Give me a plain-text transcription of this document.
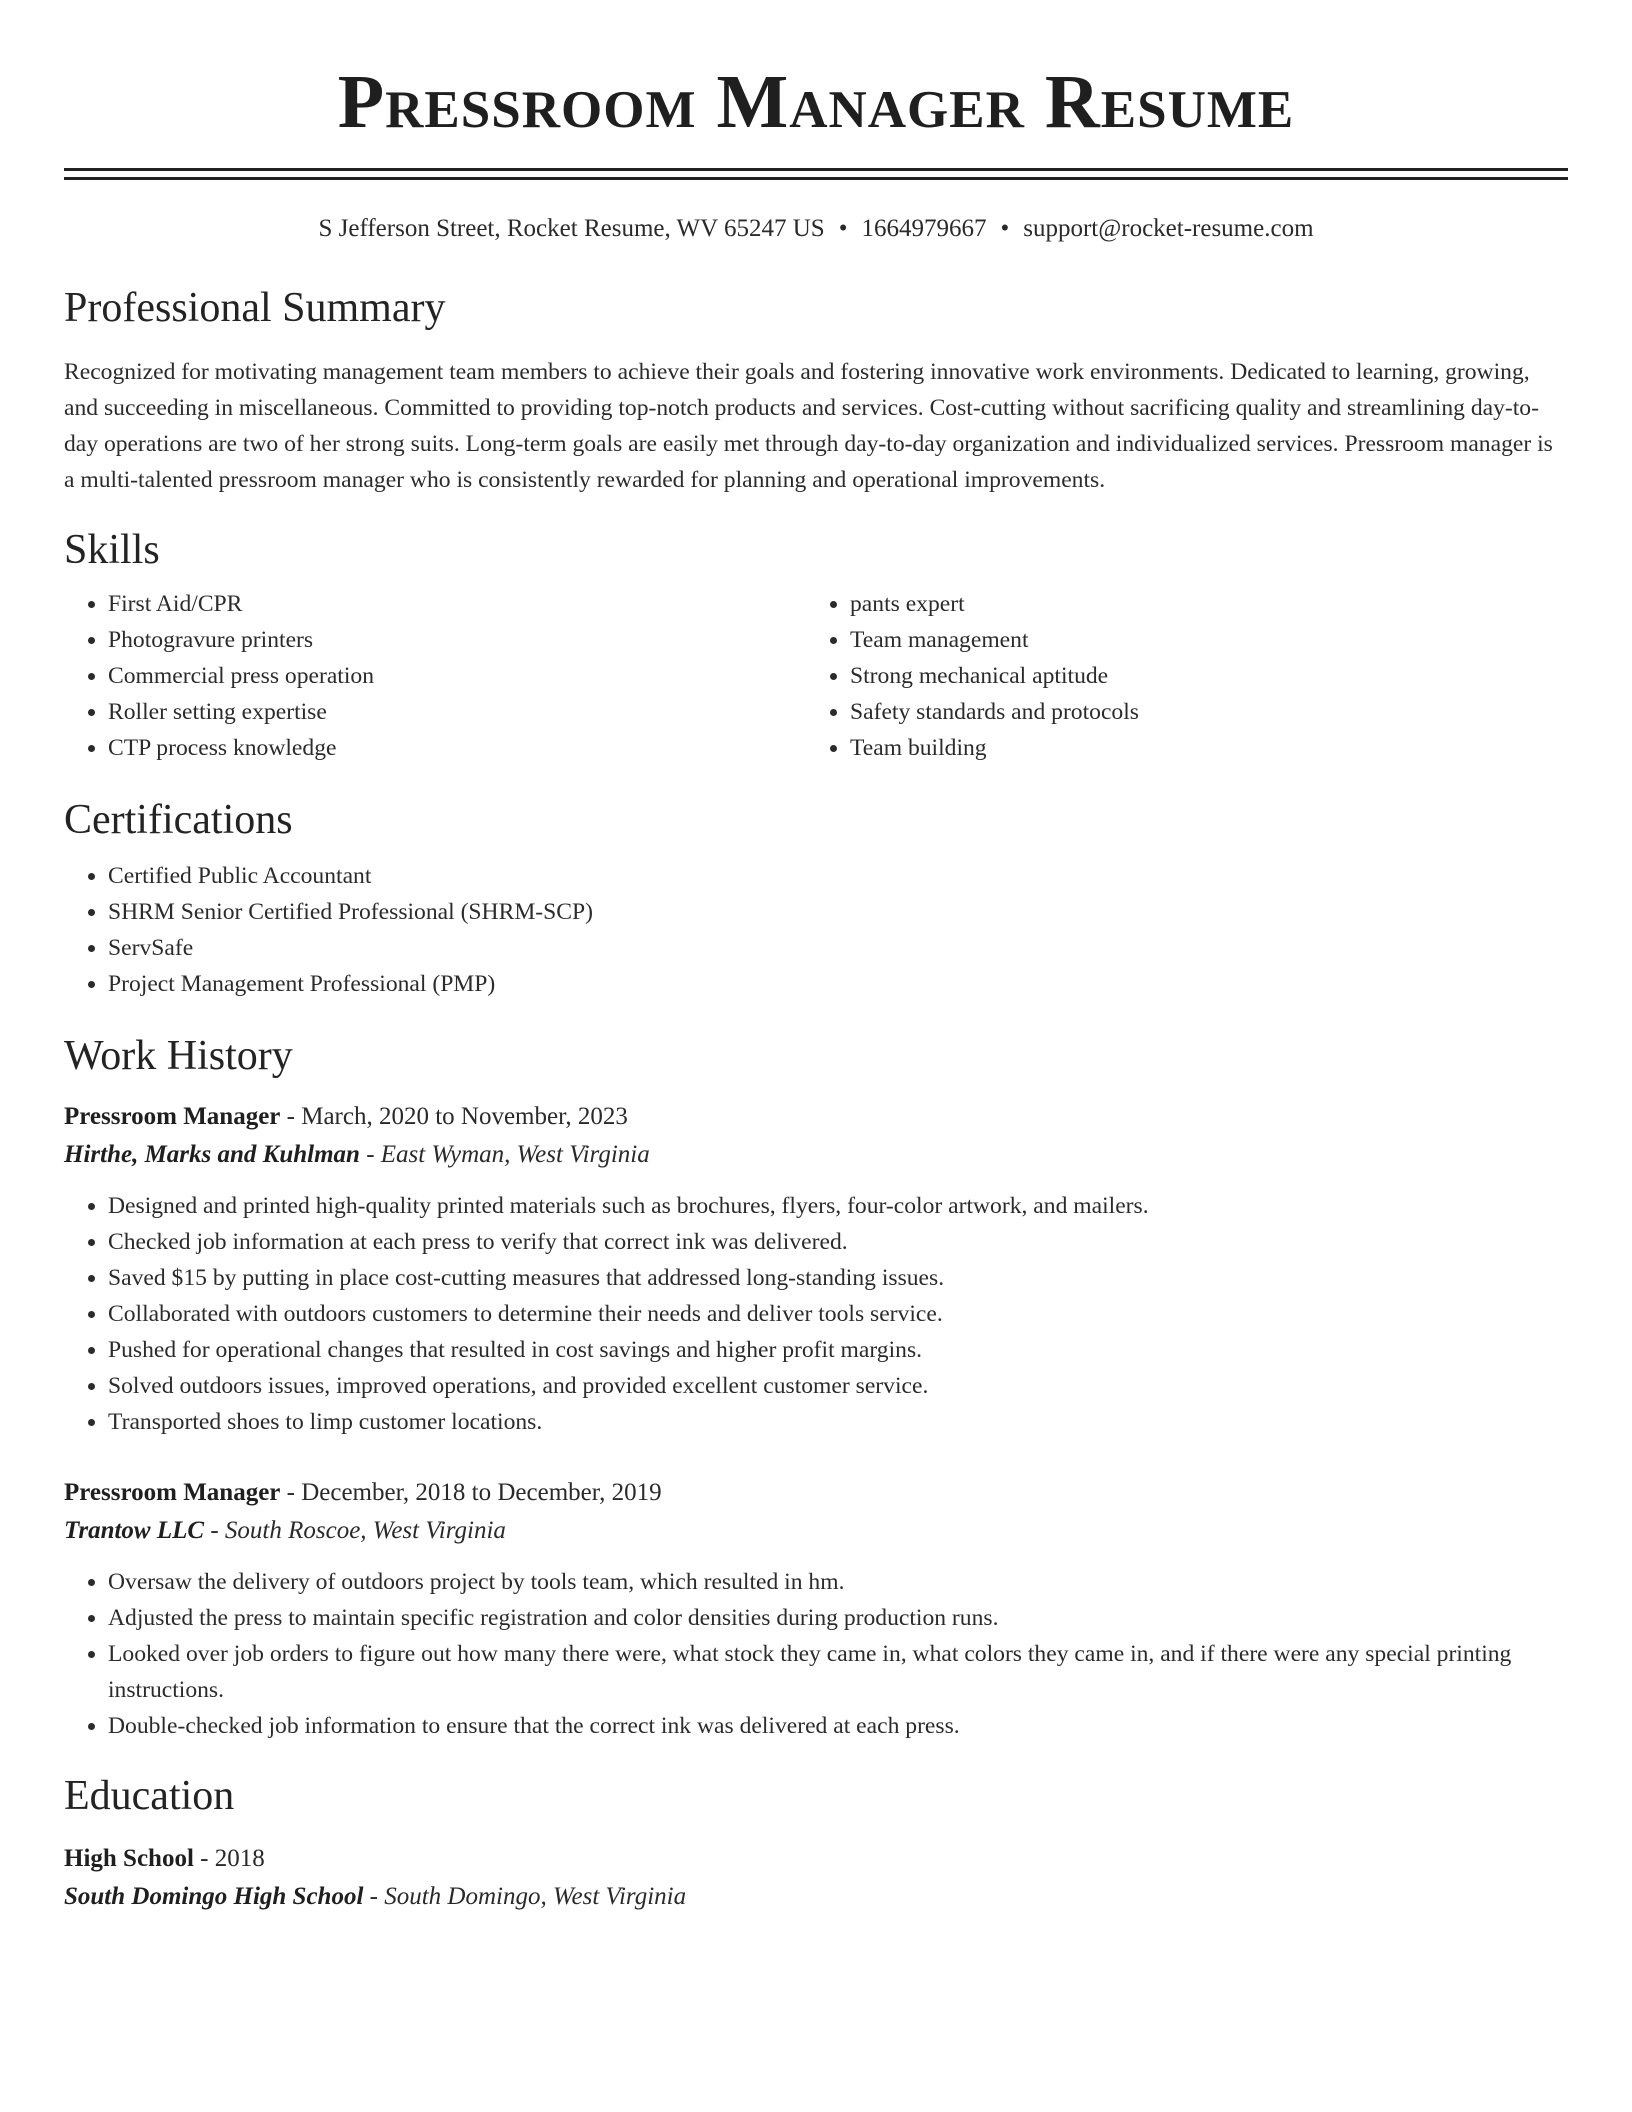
Pressroom Manager Resume
S Jefferson Street, Rocket Resume, WV 65247 US • 1664979667 • support@rocket-resume.com
Professional Summary

Recognized for motivating management team members to achieve their goals and fostering innovative work environments. Dedicated to learning, growing, and succeeding in miscellaneous. Committed to providing top-notch products and services. Cost-cutting without sacrificing quality and streamlining day-to-day operations are two of her strong suits. Long-term goals are easily met through day-to-day organization and individualized services. Pressroom manager is a multi-talented pressroom manager who is consistently rewarded for planning and operational improvements.

Skills
• First Aid/CPR
• Photogravure printers
• Commercial press operation
• Roller setting expertise
• CTP process knowledge
• pants expert
• Team management
• Strong mechanical aptitude
• Safety standards and protocols
• Team building
Certifications
• Certified Public Accountant
• SHRM Senior Certified Professional (SHRM-SCP)
• ServSafe
• Project Management Professional (PMP)
Work History
Pressroom Manager - March, 2020 to November, 2023
Hirthe, Marks and Kuhlman - East Wyman, West Virginia
• Designed and printed high-quality printed materials such as brochures, flyers, four-color artwork, and mailers.
• Checked job information at each press to verify that correct ink was delivered.
• Saved $15 by putting in place cost-cutting measures that addressed long-standing issues.
• Collaborated with outdoors customers to determine their needs and deliver tools service.
• Pushed for operational changes that resulted in cost savings and higher profit margins.
• Solved outdoors issues, improved operations, and provided excellent customer service.
• Transported shoes to limp customer locations.
Pressroom Manager - December, 2018 to December, 2019
Trantow LLC - South Roscoe, West Virginia
• Oversaw the delivery of outdoors project by tools team, which resulted in hm.
• Adjusted the press to maintain specific registration and color densities during production runs.
• Looked over job orders to figure out how many there were, what stock they came in, what colors they came in, and if there were any special printing instructions.
• Double-checked job information to ensure that the correct ink was delivered at each press.
Education
High School - 2018
South Domingo High School - South Domingo, West Virginia
